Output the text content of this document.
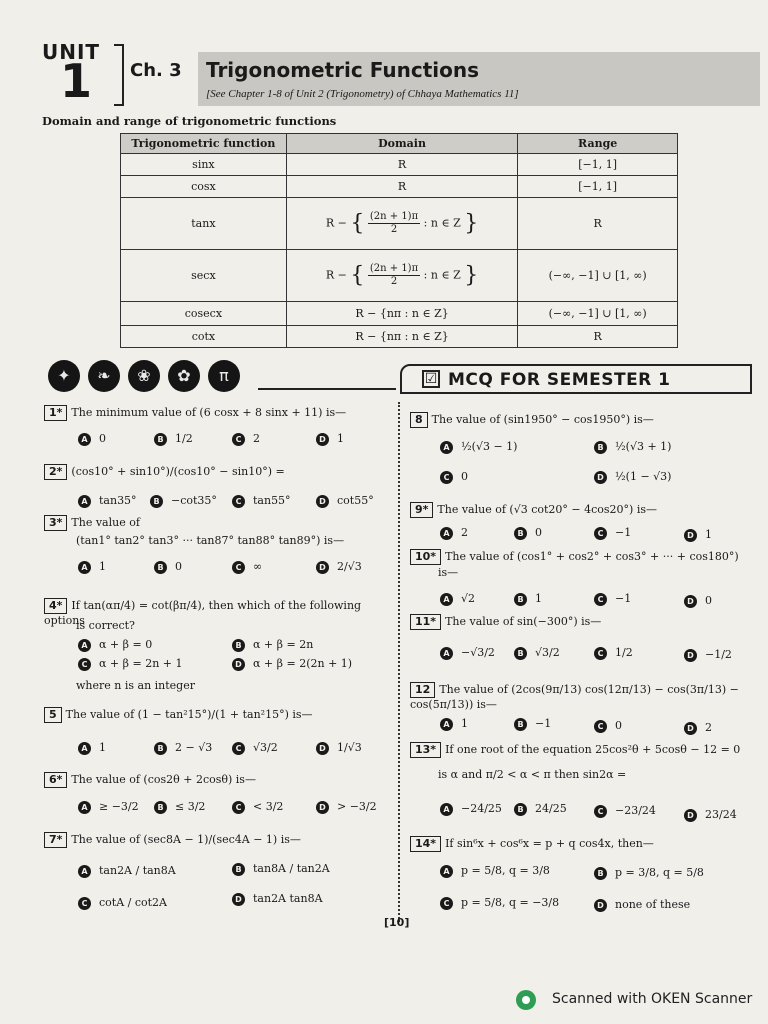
UNIT
1 Ch. 3 Trigonometric Functions
[See Chapter 1-8 of Unit 2 (Trigonometry) of Chhaya Mathematics 11]
Domain and range of trigonometric functions
Trigonometric function	Domain	Range
sinx	R	[−1, 1]
cosx	R	[−1, 1]
tanx	R − { $\frac{(2n + 1)\pi}{2}$ : n ∈ Z }	R
secx	R − { $\frac{(2n + 1)\pi}{2}$ : n ∈ Z }	(−∞, −1] ∪ [1, ∞)
cosecx	R − {nπ : n ∈ Z}	(−∞, −1] ∪ [1, ∞)
cotx	R − {nπ : n ∈ Z}	R
✦	❧	❀	✿	π	☑ MCQ FOR SEMESTER 1
1* The minimum value of (6 cosx + 8 sinx + 11) is—
A 0	B 1/2	C 2	D 1
2* (cos10° + sin10°)/(cos10° − sin10°) =
A tan35°	B −cot35°	C tan55°	D cot55°
3* The value of
(tan1° tan2° tan3° ··· tan87° tan88° tan89°) is—
A 1	B 0	C ∞	D 2/√3
4* If tan(απ/4) = cot(βπ/4), then which of the following options
is correct?
A α + β = 0	B α + β = 2n
C α + β = 2n + 1	D α + β = 2(2n + 1)
where n is an integer
5 The value of (1 − tan²15°)/(1 + tan²15°) is—
A 1	B 2 − √3	C √3/2	D 1/√3
6* The value of (cos2θ + 2cosθ) is—
A ≥ −3/2	B ≤ 3/2	C < 3/2	D > −3/2
7* The value of (sec8A − 1)/(sec4A − 1) is—
A tan2A / tan8A	B tan8A / tan2A
C cotA / cot2A	D tan2A tan8A
8 The value of (sin1950° − cos1950°) is—
A ½(√3 − 1)	B ½(√3 + 1)
C 0	D ½(1 − √3)
9* The value of (√3 cot20° − 4cos20°) is—
A 2	B 0	C −1	D 1
10* The value of (cos1° + cos2° + cos3° + ··· + cos180°)
is—
A √2	B 1	C −1	D 0
11* The value of sin(−300°) is—
A −√3/2	B √3/2	C 1/2	D −1/2
12 The value of (2cos(9π/13) cos(12π/13) − cos(3π/13) − cos(5π/13)) is—
A 1	B −1	C 0	D 2
13* If one root of the equation 25cos²θ + 5cosθ − 12 = 0
is α and π/2 < α < π then sin2α =
A −24/25	B 24/25	C −23/24	D 23/24
14* If sin⁶x + cos⁶x = p + q cos4x, then—
A p = 5/8, q = 3/8	B p = 3/8, q = 5/8
C p = 5/8, q = −3/8	D none of these
[10]
Scanned with OKEN Scanner
